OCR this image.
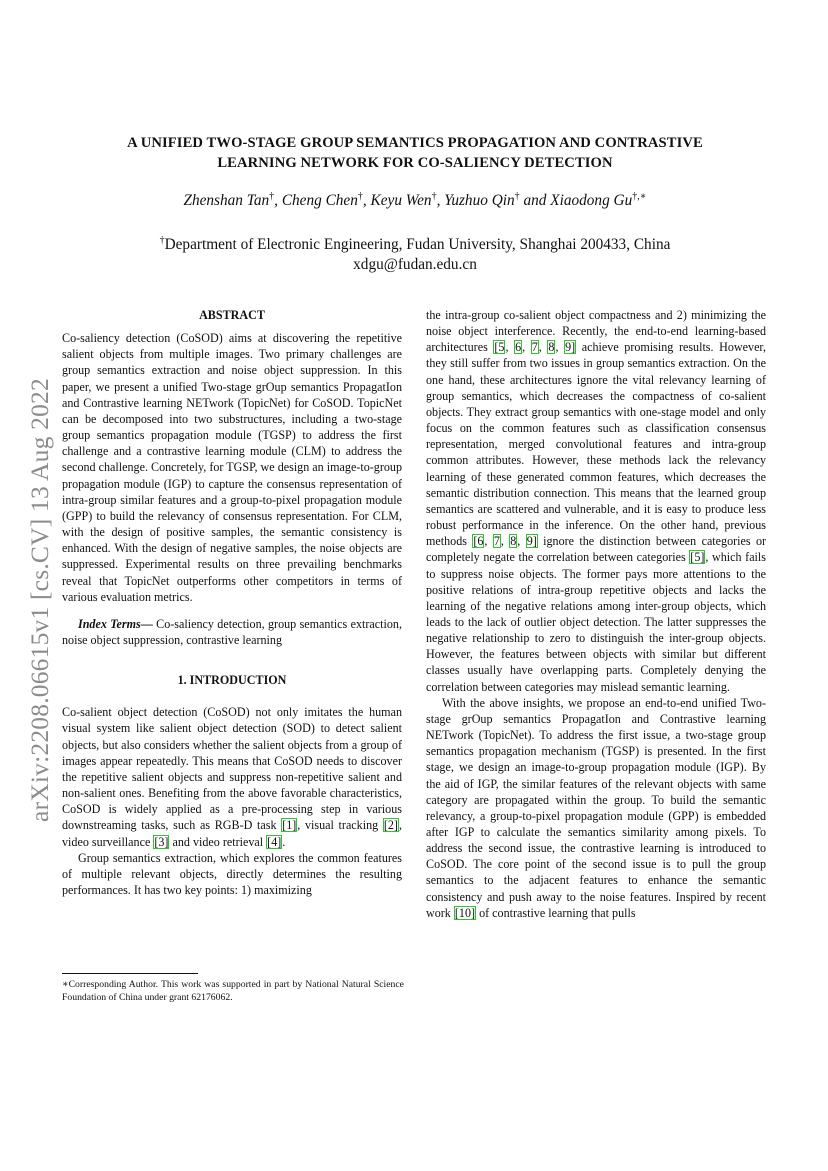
arXiv:2208.06615v1 [cs.CV] 13 Aug 2022
A UNIFIED TWO-STAGE GROUP SEMANTICS PROPAGATION AND CONTRASTIVE
LEARNING NETWORK FOR CO-SALIENCY DETECTION
Zhenshan Tan†, Cheng Chen†, Keyu Wen†, Yuzhuo Qin† and Xiaodong Gu†,∗
†Department of Electronic Engineering, Fudan University, Shanghai 200433, China
xdgu@fudan.edu.cn
ABSTRACT

Co-saliency detection (CoSOD) aims at discovering the repetitive salient objects from multiple images. Two primary challenges are group semantics extraction and noise object suppression. In this paper, we present a unified Two-stage grOup semantics PropagatIon and Contrastive learning NETwork (TopicNet) for CoSOD. TopicNet can be decomposed into two substructures, including a two-stage group semantics propagation module (TGSP) to address the first challenge and a contrastive learning module (CLM) to address the second challenge. Concretely, for TGSP, we design an image-to-group propagation module (IGP) to capture the consensus representation of intra-group similar features and a group-to-pixel propagation module (GPP) to build the relevancy of consensus representation. For CLM, with the design of positive samples, the semantic consistency is enhanced. With the design of negative samples, the noise objects are suppressed. Experimental results on three prevailing benchmarks reveal that TopicNet outperforms other competitors in terms of various evaluation metrics.

Index Terms— Co-saliency detection, group semantics extraction, noise object suppression, contrastive learning

1. INTRODUCTION

Co-salient object detection (CoSOD) not only imitates the human visual system like salient object detection (SOD) to detect salient objects, but also considers whether the salient objects from a group of images appear repeatedly. This means that CoSOD needs to discover the repetitive salient objects and suppress non-repetitive salient and non-salient ones. Benefiting from the above favorable characteristics, CoSOD is widely applied as a pre-processing step in various downstreaming tasks, such as RGB-D task [1], visual tracking [2], video surveillance [3] and video retrieval [4].

Group semantics extraction, which explores the common features of multiple relevant objects, directly determines the resulting performances. It has two key points: 1) maximizing

∗Corresponding Author. This work was supported in part by National Natural Science Foundation of China under grant 62176062.

the intra-group co-salient object compactness and 2) minimizing the noise object interference. Recently, the end-to-end learning-based architectures [5, 6, 7, 8, 9] achieve promising results. However, they still suffer from two issues in group semantics extraction. On the one hand, these architectures ignore the vital relevancy learning of group semantics, which decreases the compactness of co-salient objects. They extract group semantics with one-stage model and only focus on the common features such as classification consensus representation, merged convolutional features and intra-group common attributes. However, these methods lack the relevancy learning of these generated common features, which decreases the semantic distribution connection. This means that the learned group semantics are scattered and vulnerable, and it is easy to produce less robust performance in the inference. On the other hand, previous methods [6, 7, 8, 9] ignore the distinction between categories or completely negate the correlation between categories [5], which fails to suppress noise objects. The former pays more attentions to the positive relations of intra-group repetitive objects and lacks the learning of the negative relations among inter-group objects, which leads to the lack of outlier object detection. The latter suppresses the negative relationship to zero to distinguish the inter-group objects. However, the features between objects with similar but different classes usually have overlapping parts. Completely denying the correlation between categories may mislead semantic learning.

With the above insights, we propose an end-to-end unified Two-stage grOup semantics PropagatIon and Contrastive learning NETwork (TopicNet). To address the first issue, a two-stage group semantics propagation mechanism (TGSP) is presented. In the first stage, we design an image-to-group propagation module (IGP). By the aid of IGP, the similar features of the relevant objects with same category are propagated within the group. To build the semantic relevancy, a group-to-pixel propagation module (GPP) is embedded after IGP to calculate the semantics similarity among pixels. To address the second issue, the contrastive learning is introduced to CoSOD. The core point of the second issue is to pull the group semantics to the adjacent features to enhance the semantic consistency and push away to the noise features. Inspired by recent work [10] of contrastive learning that pulls
